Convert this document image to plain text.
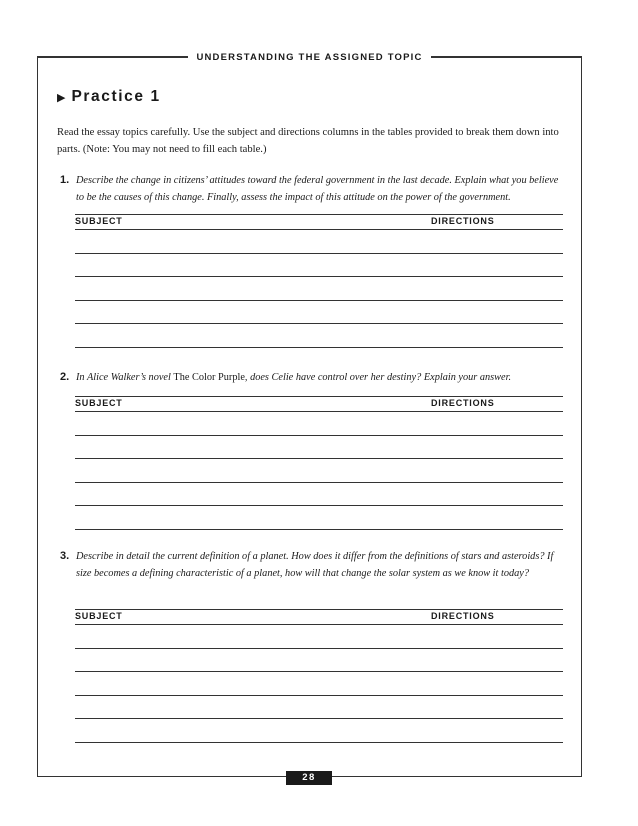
UNDERSTANDING THE ASSIGNED TOPIC
▶ Practice 1
Read the essay topics carefully. Use the subject and directions columns in the tables provided to break them down into parts. (Note: You may not need to fill each table.)
1. Describe the change in citizens’ attitudes toward the federal government in the last decade. Explain what you believe to be the causes of this change. Finally, assess the impact of this attitude on the power of the government.
SUBJECT	DIRECTIONS
2. In Alice Walker’s novel The Color Purple, does Celie have control over her destiny? Explain your answer.
SUBJECT	DIRECTIONS
3. Describe in detail the current definition of a planet. How does it differ from the definitions of stars and asteroids? If size becomes a defining characteristic of a planet, how will that change the solar system as we know it today?
SUBJECT	DIRECTIONS
28
